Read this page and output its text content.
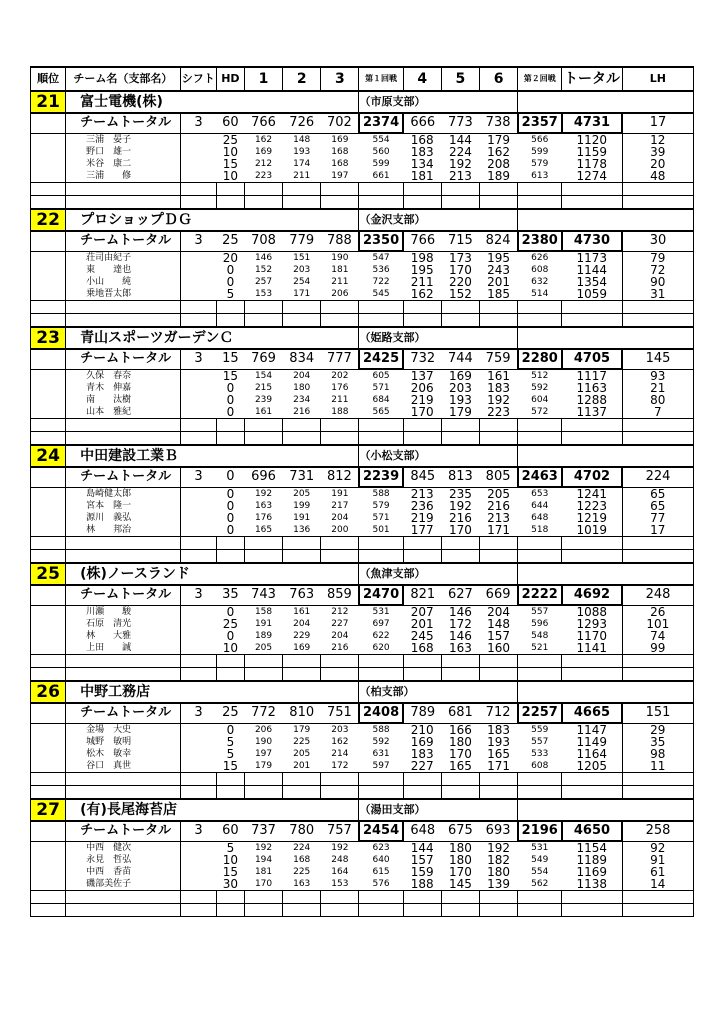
順位	チーム名（支部名）	シフト	HD	1	2	3	第１回戦	4	5	6	第２回戦	トータル	LH
21	富士電機(株)						（市原支部）						
	チームトータル	3	60	766	726	702	2374	666	773	738	2357	4731	17
	三浦　晏子		25	162	148	169	554	168	144	179	566	1120	12
	野口　雄一		10	169	193	168	560	183	224	162	599	1159	39
	米谷　康二		15	212	174	168	599	134	192	208	579	1178	20
	三浦　　修		10	223	211	197	661	181	213	189	613	1274	48

22	プロショップＤＧ						（金沢支部）						
	チームトータル	3	25	708	779	788	2350	766	715	824	2380	4730	30
	荘司由紀子		20	146	151	190	547	198	173	195	626	1173	79
	東　　達也		0	152	203	181	536	195	170	243	608	1144	72
	小山　　純		0	257	254	211	722	211	220	201	632	1354	90
	乗地晋太郎		5	153	171	206	545	162	152	185	514	1059	31

23	青山スポーツガーデンＣ						（姫路支部）						
	チームトータル	3	15	769	834	777	2425	732	744	759	2280	4705	145
	久保　春奈		15	154	204	202	605	137	169	161	512	1117	93
	青木　伸嘉		0	215	180	176	571	206	203	183	592	1163	21
	南　　汰樹		0	239	234	211	684	219	193	192	604	1288	80
	山本　雅紀		0	161	216	188	565	170	179	223	572	1137	7

24	中田建設工業Ｂ						（小松支部）						
	チームトータル	3	0	696	731	812	2239	845	813	805	2463	4702	224
	島崎健太郎		0	192	205	191	588	213	235	205	653	1241	65
	宮本　隆一		0	163	199	217	579	236	192	216	644	1223	65
	源川　義弘		0	176	191	204	571	219	216	213	648	1219	77
	林　　邦治		0	165	136	200	501	177	170	171	518	1019	17

25	(株)ノースランド						（魚津支部）						
	チームトータル	3	35	743	763	859	2470	821	627	669	2222	4692	248
	川瀬　　駿		0	158	161	212	531	207	146	204	557	1088	26
	石原　清光		25	191	204	227	697	201	172	148	596	1293	101
	林　　大雅		0	189	229	204	622	245	146	157	548	1170	74
	上田　　誠		10	205	169	216	620	168	163	160	521	1141	99

26	中野工務店						（柏支部）						
	チームトータル	3	25	772	810	751	2408	789	681	712	2257	4665	151
	金場　大史		0	206	179	203	588	210	166	183	559	1147	29
	城野　敏明		5	190	225	162	592	169	180	193	557	1149	35
	松木　敏幸		5	197	205	214	631	183	170	165	533	1164	98
	谷口　真世		15	179	201	172	597	227	165	171	608	1205	11

27	(有)長尾海苔店						（湯田支部）						
	チームトータル	3	60	737	780	757	2454	648	675	693	2196	4650	258
	中西　健次		5	192	224	192	623	144	180	192	531	1154	92
	永見　哲弘		10	194	168	248	640	157	180	182	549	1189	91
	中西　香苗		15	181	225	164	615	159	170	180	554	1169	61
	磯部美佐子		30	170	163	153	576	188	145	139	562	1138	14
